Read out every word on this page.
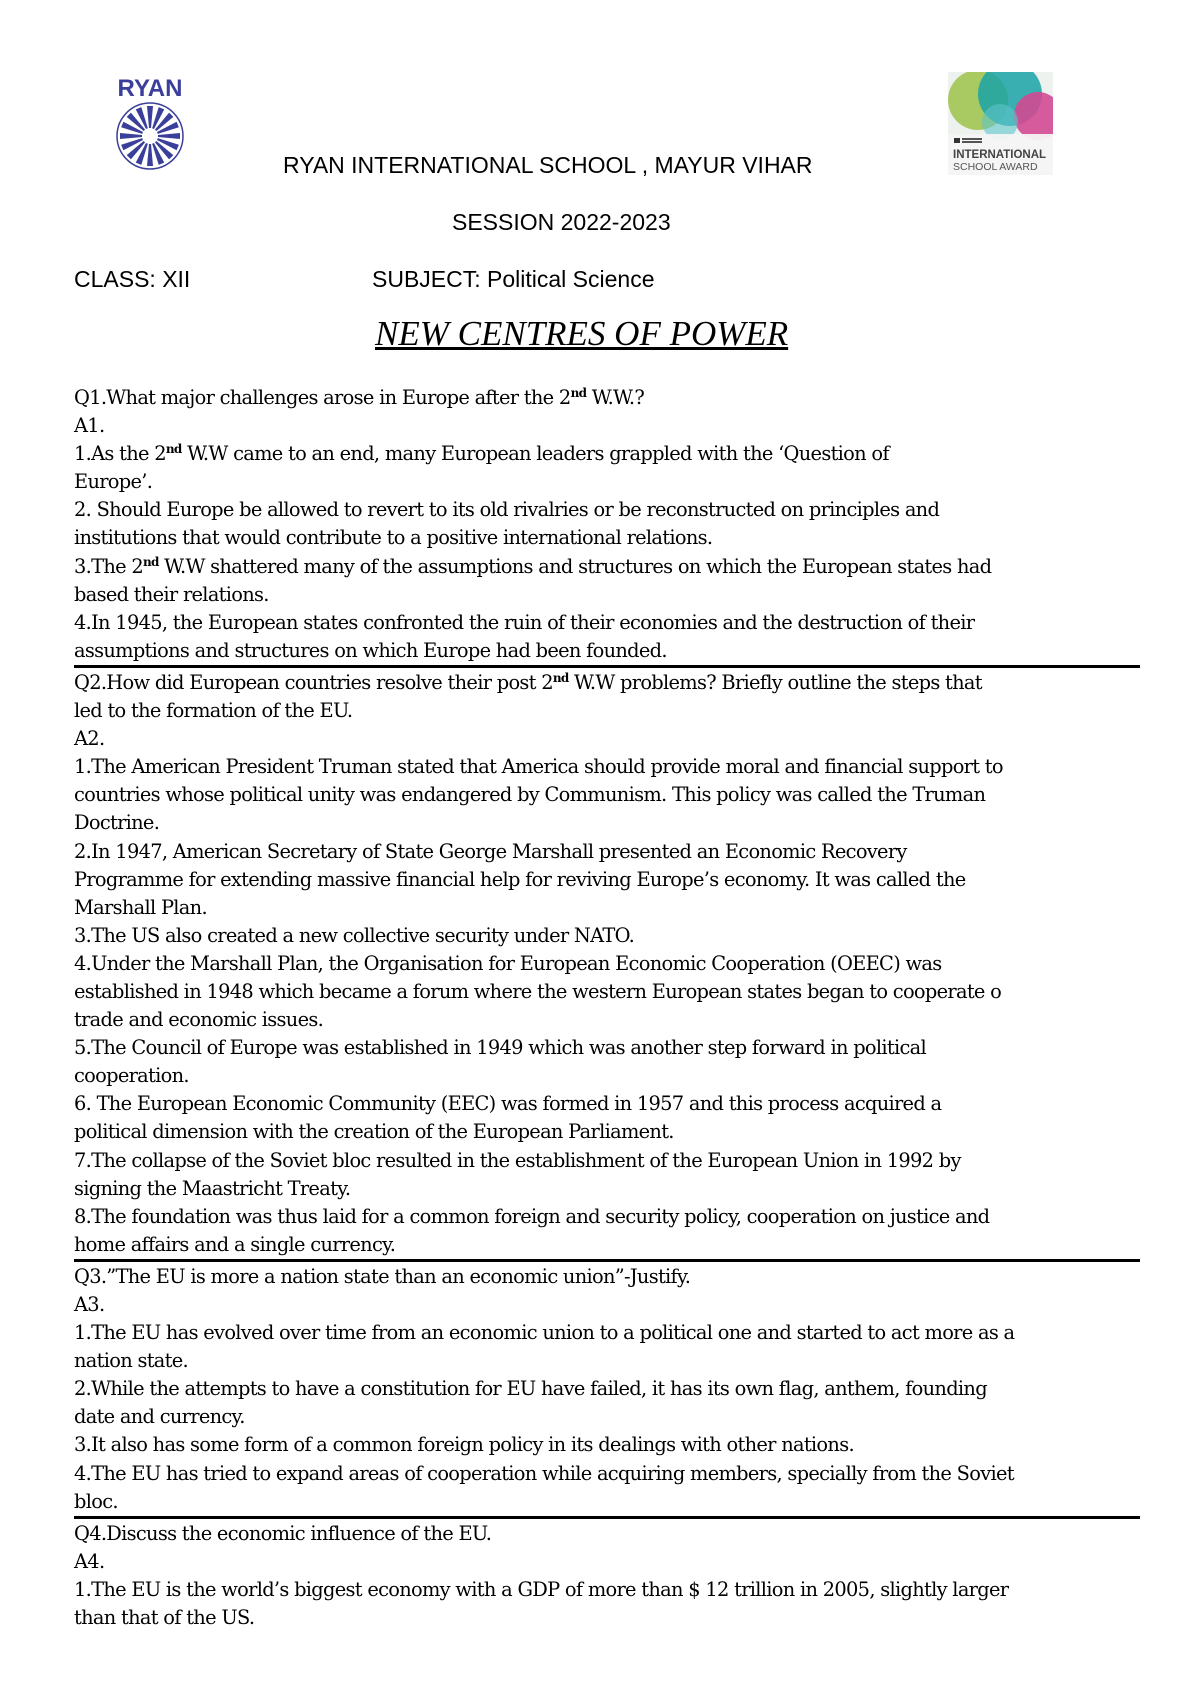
RYAN
INTERNATIONAL
SCHOOL AWARD
RYAN INTERNATIONAL SCHOOL , MAYUR VIHAR
SESSION 2022-2023
CLASS: XII	SUBJECT: Political Science
NEW CENTRES OF POWER

Q1.What major challenges arose in Europe after the 2nd W.W.?

A1.

1.As the 2nd W.W came to an end, many European leaders grappled with the ‘Question of

Europe’.

2. Should Europe be allowed to revert to its old rivalries or be reconstructed on principles and

institutions that would contribute to a positive international relations.

3.The 2nd W.W shattered many of the assumptions and structures on which the European states had

based their relations.

4.In 1945, the European states confronted the ruin of their economies and the destruction of their

assumptions and structures on which Europe had been founded.

Q2.How did European countries resolve their post 2nd W.W problems? Briefly outline the steps that

led to the formation of the EU.

A2.

1.The American President Truman stated that America should provide moral and financial support to

countries whose political unity was endangered by Communism. This policy was called the Truman

Doctrine.

2.In 1947, American Secretary of State George Marshall presented an Economic Recovery

Programme for extending massive financial help for reviving Europe’s economy. It was called the

Marshall Plan.

3.The US also created a new collective security under NATO.

4.Under the Marshall Plan, the Organisation for European Economic Cooperation (OEEC) was

established in 1948 which became a forum where the western European states began to cooperate o

trade and economic issues.

5.The Council of Europe was established in 1949 which was another step forward in political

cooperation.

6. The European Economic Community (EEC) was formed in 1957 and this process acquired a

political dimension with the creation of the European Parliament.

7.The collapse of the Soviet bloc resulted in the establishment of the European Union in 1992 by

signing the Maastricht Treaty.

8.The foundation was thus laid for a common foreign and security policy, cooperation on justice and

home affairs and a single currency.

Q3.”The EU is more a nation state than an economic union”-Justify.

A3.

1.The EU has evolved over time from an economic union to a political one and started to act more as a

nation state.

2.While the attempts to have a constitution for EU have failed, it has its own flag, anthem, founding

date and currency.

3.It also has some form of a common foreign policy in its dealings with other nations.

4.The EU has tried to expand areas of cooperation while acquiring members, specially from the Soviet

bloc.

Q4.Discuss the economic influence of the EU.

A4.

1.The EU is the world’s biggest economy with a GDP of more than $ 12 trillion in 2005, slightly larger

than that of the US.
